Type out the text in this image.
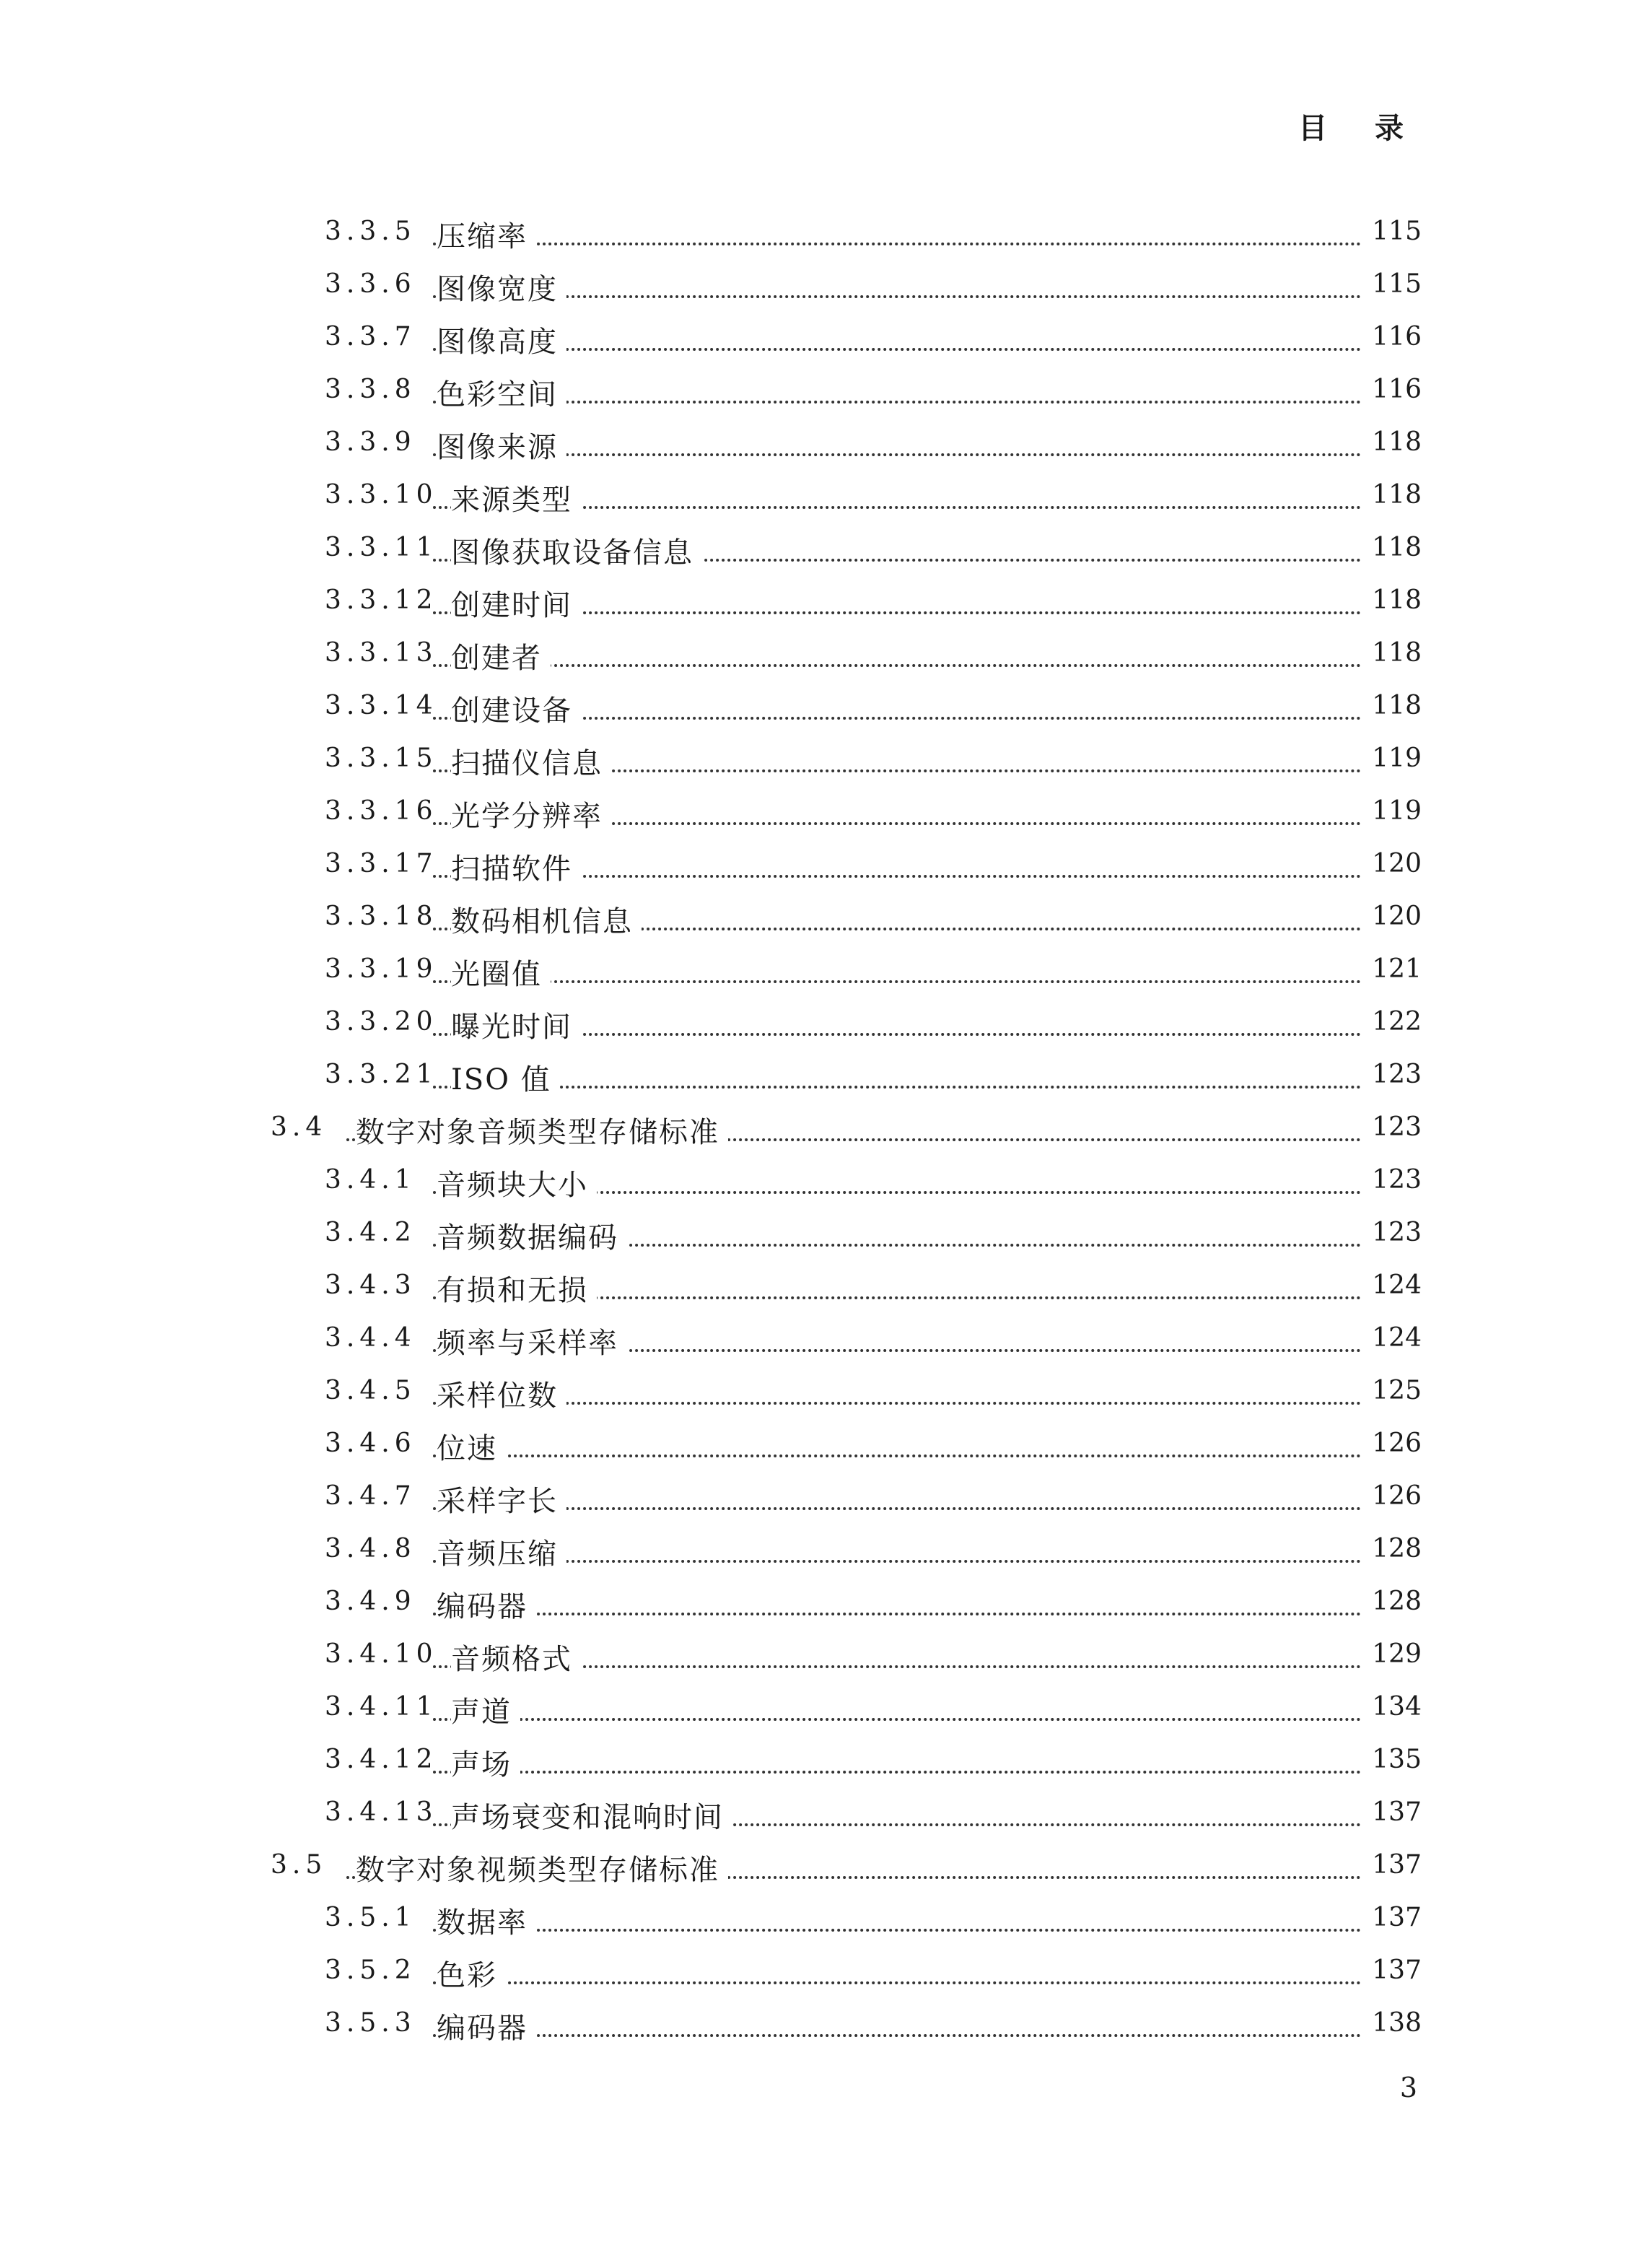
目 录
3.3.5 压缩率	115
3.3.6 图像宽度	115
3.3.7 图像高度	116
3.3.8 色彩空间	116
3.3.9 图像来源	118
3.3.10 来源类型	118
3.3.11 图像获取设备信息	118
3.3.12 创建时间	118
3.3.13 创建者	118
3.3.14 创建设备	118
3.3.15 扫描仪信息	119
3.3.16 光学分辨率	119
3.3.17 扫描软件	120
3.3.18 数码相机信息	120
3.3.19 光圈值	121
3.3.20 曝光时间	122
3.3.21 ISO 值	123
3.4 数字对象音频类型存储标准	123
3.4.1 音频块大小	123
3.4.2 音频数据编码	123
3.4.3 有损和无损	124
3.4.4 频率与采样率	124
3.4.5 采样位数	125
3.4.6 位速	126
3.4.7 采样字长	126
3.4.8 音频压缩	128
3.4.9 编码器	128
3.4.10 音频格式	129
3.4.11 声道	134
3.4.12 声场	135
3.4.13 声场衰变和混响时间	137
3.5 数字对象视频类型存储标准	137
3.5.1 数据率	137
3.5.2 色彩	137
3.5.3 编码器	138
3
